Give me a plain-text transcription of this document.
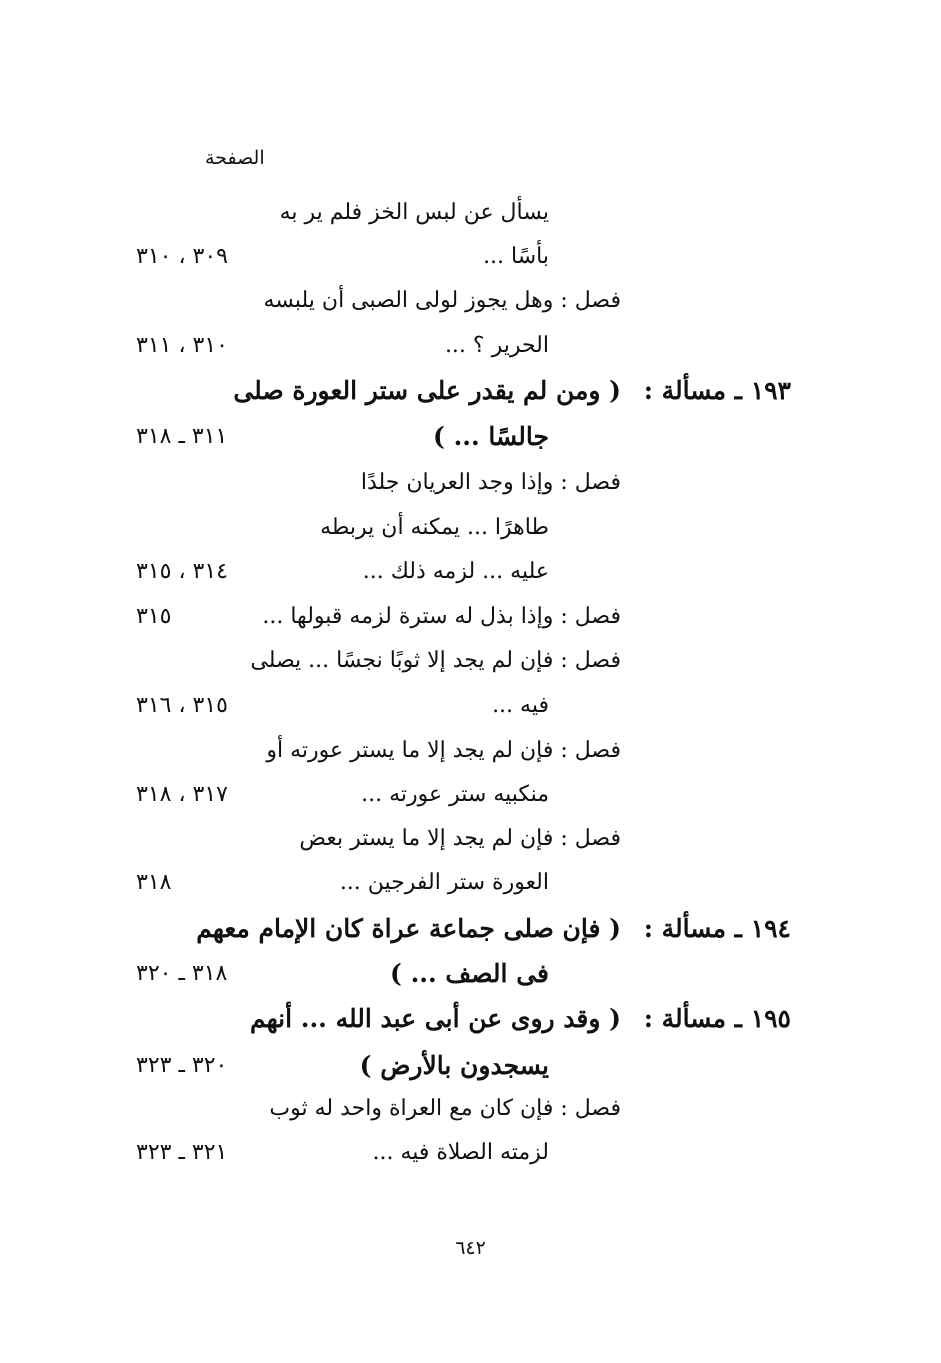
الصفحة
يسأل عن لبس الخز فلم ير به
بأسًا ...
فصل : وهل يجوز لولى الصبى أن يلبسه
الحرير ؟ ...
( ومن لم يقدر على ستر العورة صلى
جالسًا ... )
فصل : وإذا وجد العريان جلدًا
طاهرًا ... يمكنه أن يربطه
عليه ... لزمه ذلك ...
فصل : وإذا بذل له سترة لزمه قبولها ...
فصل : فإن لم يجد إلا ثوبًا نجسًا ... يصلى
فيه ...
فصل : فإن لم يجد إلا ما يستر عورته أو
منكبيه ستر عورته ...
فصل : فإن لم يجد إلا ما يستر بعض
العورة ستر الفرجين ...
( فإن صلى جماعة عراة كان الإمام معهم
فى الصف ... )
( وقد روى عن أبى عبد الله ... أنهم
يسجدون بالأرض )
فصل : فإن كان مع العراة واحد له ثوب
لزمته الصلاة فيه ...
١٩٣ ـ مسألة :
١٩٤ ـ مسألة :
١٩٥ ـ مسألة :
٣٠٩ ، ٣١٠
٣١٠ ، ٣١١
٣١١ ـ ٣١٨
٣١٤ ، ٣١٥
٣١٥
٣١٥ ، ٣١٦
٣١٧ ، ٣١٨
٣١٨
٣١٨ ـ ٣٢٠
٣٢٠ ـ ٣٢٣
٣٢١ ـ ٣٢٣
٦٤٢
